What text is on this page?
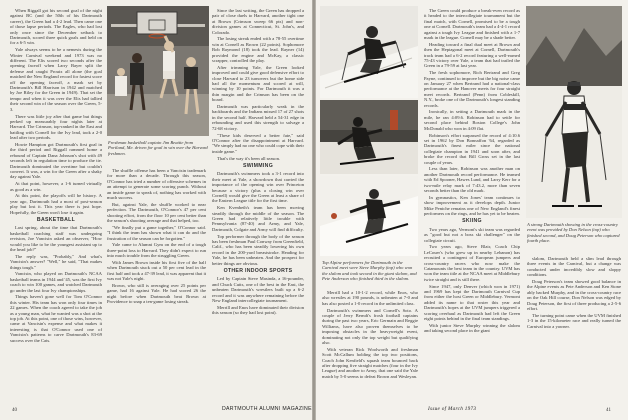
When Riggall got his second goal of the night against BC (and the 50th of his Dartmouth career), the Green had a 4-2 lead. Then came one of those lapse periods. The Eagles, who had lost only once since the December setback to Dartmouth, scored three quick goals and held on for a 6-5 win.

Yale always seems to be a nemesis during the Winter Carnival weekend and 1973 was no different. The Elis scored two seconds after the opening faceoff when Larry Bayer split the defense and caught Prouix all alone (the goal matched the New England record for fastest score off the opening faceoff, a mark set by Dartmouth's Bill Harrison in 1942 and matched by Joe Riley for the Green in 1949). That set the tempo and when it was over the Elis had tallied their second win of the season over the Green, 5-3.

There was little joy after that game but things perked up measurably four nights later at Harvard. The Crimson, top-ranked in the East and battling with Cornell for the Ivy lead, took a 2-0 lead after two periods.

Howie Hampton got Dartmouth's first goal in the third period and Riggall rammed home a rebound of Captain Dana Johnson's shot with 49 seconds left in regulation time to produce the tie. Dartmouth dominated the overtime but couldn't convert. It was, a win for the Green after a shaky day against Yale.

At that point, however, a 1-6 turned virtually as good as a win.

At this point, the playoffs will be history. A year ago, Dartmouth had a most of post-season play but lost it. This year there is just hope. Hopefully, the Green won't lose it again.

BASKETBALL

Last spring, about the time that Dartmouth's basketball coaching staff was undergoing revision, Joe Vancisin asked an observer, "How would you like to be the youngest assistant up to the head job?"

The reply was, "Probably," And what's Vancisin's answer? "Well," he said, "That makes things tough."

Vancisin, who played on Dartmouth's NCAA basketball teams in 1944 and '45, was the first Ivy coach to win 100 games, and watched Dartmouth go under the last four Ivy championships.

Things haven't gone well for Tom O'Connor this winter. His team has won only four times in 22 games. When the coach agreed to take the job as a young man, what he wanted was a shot at the top job. At this point, one of those wins, however, came at Vancisin's expense and what makes it interesting is that O'Connor used one of Vancisin's patterns to carve Dartmouth's 83-69 success over the Cats.

Freshman basketball captain Jim Beattie from Portland, Me. driven for goal in win over the Harvard freshmen.

The shuffle offense has been a Vancisin trademark for more than a decade. Through this season, O'Connor has tried a number of offensive schemes in an attempt to generate some scoring punch. Without an inside game to speak of, nothing has worked with much success.

But, against Yale, the shuffle worked to near perfection. The Dartmouth, O'Connor's 47 per cent shooting effort, from the floor 10 per cent better than the season's shooting average and that helped, too.

"We finally put a game together," O'Connor said. "I think the team has shown what it can do and the frustration of the season can be forgotten."

Yale came to Alumni Gym on the end of a tough three-point loss to Harvard. They didn't expect to run into much trouble from the struggling Green.

With James Brown inside his first five of the half when Dartmouth stuck out a 50 per cent lead in the first half and took a 47-39 lead, it was apparent that it was not Yale's night.

Brown, who still is averaging over 25 points per game, had 16 against Yale. He had scored 26 the night before when Dartmouth beat Brown at Providence to snap a ten-game losing streak.

Since the last writing, the Green has dropped a pair of close duels to Harvard, another tight one at Brown (Crimson sweep 66 pts) and non-division games at Connecticut, St. John's, and Colorado.

The losing streak ended with a 78-55 overtime win at Cornell as Brown (22 points). Sophomore Bob Raymond (18) took the lead. Rayner (14) provided the engine and McKay, a classic scrapper, controlled the play.

After trimming Yale, the Green looked improved and could give good defensive effort to close Harvard to 23 turnovers but the home side had all the momentum and scored at will, winning by 10 points. For Dartmouth it was a thin margin and the Crimson has been on the board.

Dartmouth was particularly weak in the backboards and the Indians missed 17 of 27 shots in the second half. Harvard held a 54-31 edge in rebounding and used this strength to salvage a 72-68 victory.

"These kids deserved a better fate," said O'Connor after the disappointment at Harvard. "We simply had no one who could cope with their inside game."

That's the way it's been all season.

SWIMMING

Dartmouth's swimmers took a 3-1 record into their meet at Yale, a showdown that carried the importance of the opening win over Princeton because a victory (plus a closing win over Cornell) would give the Green at least a share of the Eastern League title for the first time.

Ken Kvenbeth's team has been moving steadily through the middle of the season. The Green had relatively little trouble with Pennsylvania (87-40) and Army, and Yale, Dartmouth, Colgate and Army will find difficulty.

Top performer through the body of the season has been freshman Paul Conway from Greenfield, Calif., who has been steadily lowering his own record in the 200-yard breaststroke. Heading for Yale, he has been unbeaten. And the prospect for better things are obvious.

OTHER INDOOR SPORTS

Led by Captain Steve Masinda, a 16-pounder, and Chuck Cutts, one of the best in the East, the unbeaten Dartmouth's wrestlers built up a 6-2 record and it was anywhere remaining before the New England intercollegiate tournament.

Merrill and Enos have dominated their division this season (so they had lost point).

40	DARTMOUTH ALUMNI MAGAZINE
Top Alpine performers for Dartmouth in the Carnival meet were Steve Murphy (top) who won the slalom and took second in the giant slalom, and Pete Anderson who finished third in the slalom.

Merrill had a 10-1-2 record, while Enos, who also wrestles at 190 pounds, is unbeaten at 7-0 and has also posted a 1-0 record in the unlimited class.

Dartmouth's swimmers and Cornell's Soto. A couple of Jerry Berndt's frosh football captains during the past two years, Eric Germain and Reggie Williams, have also proven themselves to be imposing obstacles in the heavyweight event, dominating not only the top weight but qualifying also.

With veteran Rick Woolworth and freshman Scott McCallum holding the top two positions, Coach John Kenfield's squash team bounced back after dropping five straight matches (four in the Ivy League) and another to Army, that one said the Yale match by 5-0 seems to defeat Brown and Wesleyan.

The Green could produce a break-even record as it headed to the intercollegiate tournament but the final match, with Cornell, promised to be a tough one at Cornell. Dartmouth's team had a 4-4-1 record against a tough Ivy League and finished with a 1-7 mark in the league. Cornell may be a shade better.

Heading toward a final dual meet at Brown and then the Heptagonal meet at Cornell, Dartmouth's track team had a 6-2 record featuring a well-earned 75-43 victory over Yale, a team that had trailed the Green in a 79-59 at last year.

The fresh sophomore, Rich Bertrand and Greg Payne, continued to improve but the big noise came on January 27 when Bertrand had a national-class performance at the Hanover meets for four straight meet records. Bertrand (Penn) from Cobleskill, N.Y., broke one of the Dartmouth's longest standing records.

Ironically, in setting a Dartmouth mark in the mile, he ran 4:09.6. Robinson had to settle for second place behind Boston College's John McDonald who won in 4:09 flat.

Robinson's effort surpassed the record of 4:10.6 set in 1962 by Don Bonnaffon '64, regarded as Dartmouth's finest miler since the national collegiate champion in 1941 and soon after, and broke the record that Bill Gross set in the last couple of years.

Less than later, Robinson was another man on another Dartmouth record performance. He teamed with Ed Spooner, Hawes Lund, and Larry Kerr for a two-mile relay mark of 7:43.2, more than seven seconds better than the old mark.

In gymnastics, Ken Jones' team continues to show improvement as it develops depth. Junior Mike Peniche remains one of New England's finest performers on the rings, and he has yet to be beaten.

SKIING

Two years ago, Vermont's ski team was regarded as "good but not a boss ski challenger" on the collegiate circuit.

Two years ago, Steve Blair, Coach Chip LeCouer's (who grew up in nearby Lebanon) has recruited a contingent of European jumpers and cross-country racers who now make the Catamounts the best team in the country. UVM has won the team title at the NCAA meet at Middlebury twice straight and is still there.

Since 1947, only Denver (which won in 1971) and 1969 has kept the Dartmouth Carnival Cup from either the host Green or Middlebury. Vermont added its name to that roster this year and Dartmouth's hopes at the UVM jumpers triggered a scoring overhaul as Dartmouth had left the Green eight points behind in the final team standings.

With junior Steve Murphy winning the slalom and taking second place in the giant

A strong Dartmouth showing in the cross-country event was provided by Don Nelson (top) who finished second, and Doug Peterson who captured fourth place.

slalom, Dartmouth held a slim lead through three events in the Carnival, but a change was conducted under incredibly slow and sloppy conditions.

Doug Peterson's team showed good balance in the Alpine events as Pete Anderson and Ken Stone ably backed Murphy, and in the cross-country race on the Oak Hill course, Don Nelson was edged by Doug Peterson, the first of three producing a 2-5-6 effort.

The turning point came when the UVM finished 1-3 in the 15-kilometer race and really turned the Carnival into a yawner.

Issue of March 1973	41
